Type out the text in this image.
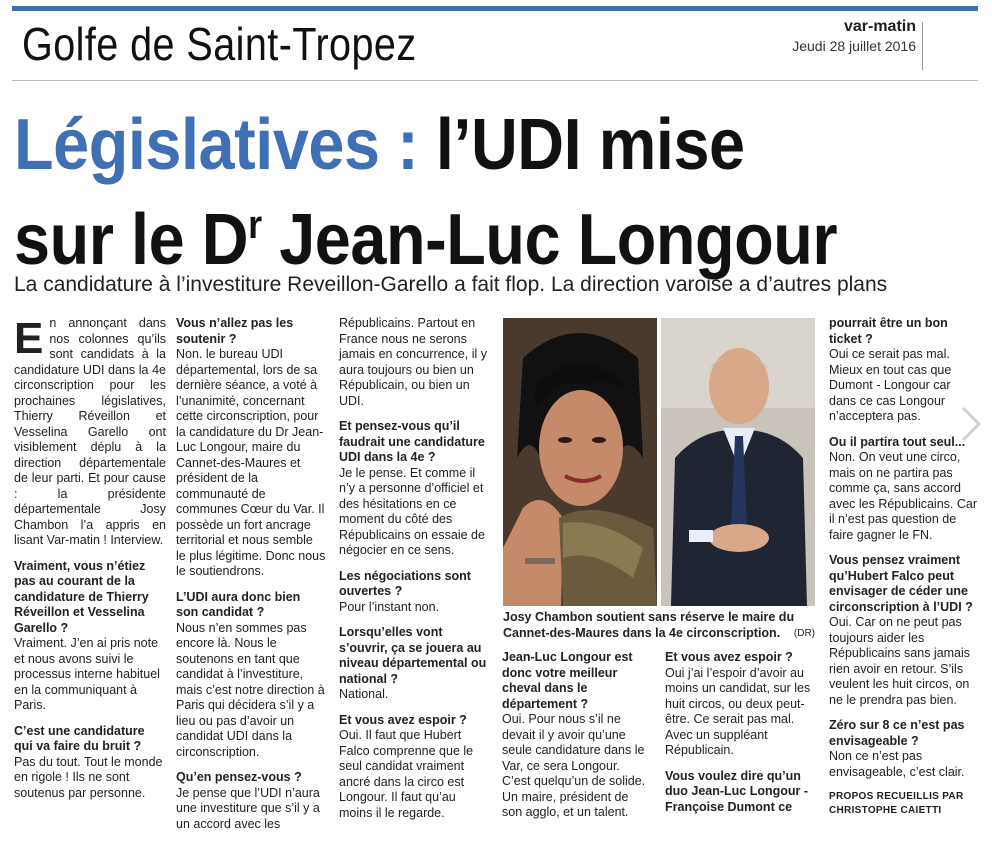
Golfe de Saint-Tropez	var-matin
Jeudi 28 juillet 2016
Législatives : l’UDI mise
sur le $D^r$ Jean-Luc Longour
La candidature à l’investiture Reveillon-Garello a fait flop. La direction varoise a d’autres plans

En annonçant dans nos colonnes qu’ils sont candidats à la candidature UDI dans la 4e circonscription pour les prochaines législatives, Thierry Réveillon et Vesselina Garello ont visiblement déplu à la direction départementale de leur parti. Et pour cause : la présidente départementale Josy Chambon l’a appris en lisant Var-matin ! Interview.

Vraiment, vous n’étiez pas au courant de la candidature de Thierry Réveillon et Vesselina Garello ?
Vraiment. J’en ai pris note et nous avons suivi le processus interne habituel en la communiquant à Paris.

C’est une candidature qui va faire du bruit ?
Pas du tout. Tout le monde en rigole ! Ils ne sont soutenus par personne.

Vous n’allez pas les soutenir ?
Non. le bureau UDI départemental, lors de sa dernière séance, a voté à l’unanimité, concernant cette circonscription, pour la candidature du Dr Jean-Luc Longour, maire du Cannet-des-Maures et président de la communauté de communes Cœur du Var. Il possède un fort ancrage territorial et nous semble le plus légitime. Donc nous le soutiendrons.

L’UDI aura donc bien son candidat ?
Nous n’en sommes pas encore là. Nous le soutenons en tant que candidat à l’investiture, mais c’est notre direction à Paris qui décidera s’il y a lieu ou pas d’avoir un candidat UDI dans la circonscription.

Qu’en pensez-vous ?
Je pense que l’UDI n’aura une investiture que s’il y a un accord avec les

Républicains. Partout en France nous ne serons jamais en concurrence, il y aura toujours ou bien un Républicain, ou bien un UDI.

Et pensez-vous qu’il faudrait une candidature UDI dans la 4e ?
Je le pense. Et comme il n’y a personne d’officiel et des hésitations en ce moment du côté des Républicains on essaie de négocier en ce sens.

Les négociations sont ouvertes ?
Pour l’instant non.

Lorsqu’elles vont s’ouvrir, ça se jouera au niveau départemental ou national ?
National.

Et vous avez espoir ?
Oui. Il faut que Hubert Falco comprenne que le seul candidat vraiment ancré dans la circo est Longour. Il faut qu’au moins il le regarde.

Josy Chambon soutient sans réserve le maire du Cannet-des-Maures dans la 4e circonscription. (DR)

Jean-Luc Longour est donc votre meilleur cheval dans le département ?
Oui. Pour nous s’il ne devait il y avoir qu’une seule candidature dans le Var, ce sera Longour. C’est quelqu’un de solide. Un maire, président de son agglo, et un talent.

Et vous avez espoir ?
Oui j’ai l’espoir d’avoir au moins un candidat, sur les huit circos, ou deux peut-être. Ce serait pas mal. Avec un suppléant Républicain.

Vous voulez dire qu’un duo Jean-Luc Longour - Françoise Dumont ce

pourrait être un bon ticket ?
Oui ce serait pas mal. Mieux en tout cas que Dumont - Longour car dans ce cas Longour n’acceptera pas.

Ou il partira tout seul...
Non. On veut une circo, mais on ne partira pas comme ça, sans accord avec les Républicains. Car il n’est pas question de faire gagner le FN.

Vous pensez vraiment qu’Hubert Falco peut envisager de céder une circonscription à l’UDI ?
Oui. Car on ne peut pas toujours aider les Républicains sans jamais rien avoir en retour. S’ils veulent les huit circos, on ne le prendra pas bien.

Zéro sur 8 ce n’est pas envisageable ?
Non ce n’est pas envisageable, c’est clair.

PROPOS RECUEILLIS PAR CHRISTOPHE CAIETTI
